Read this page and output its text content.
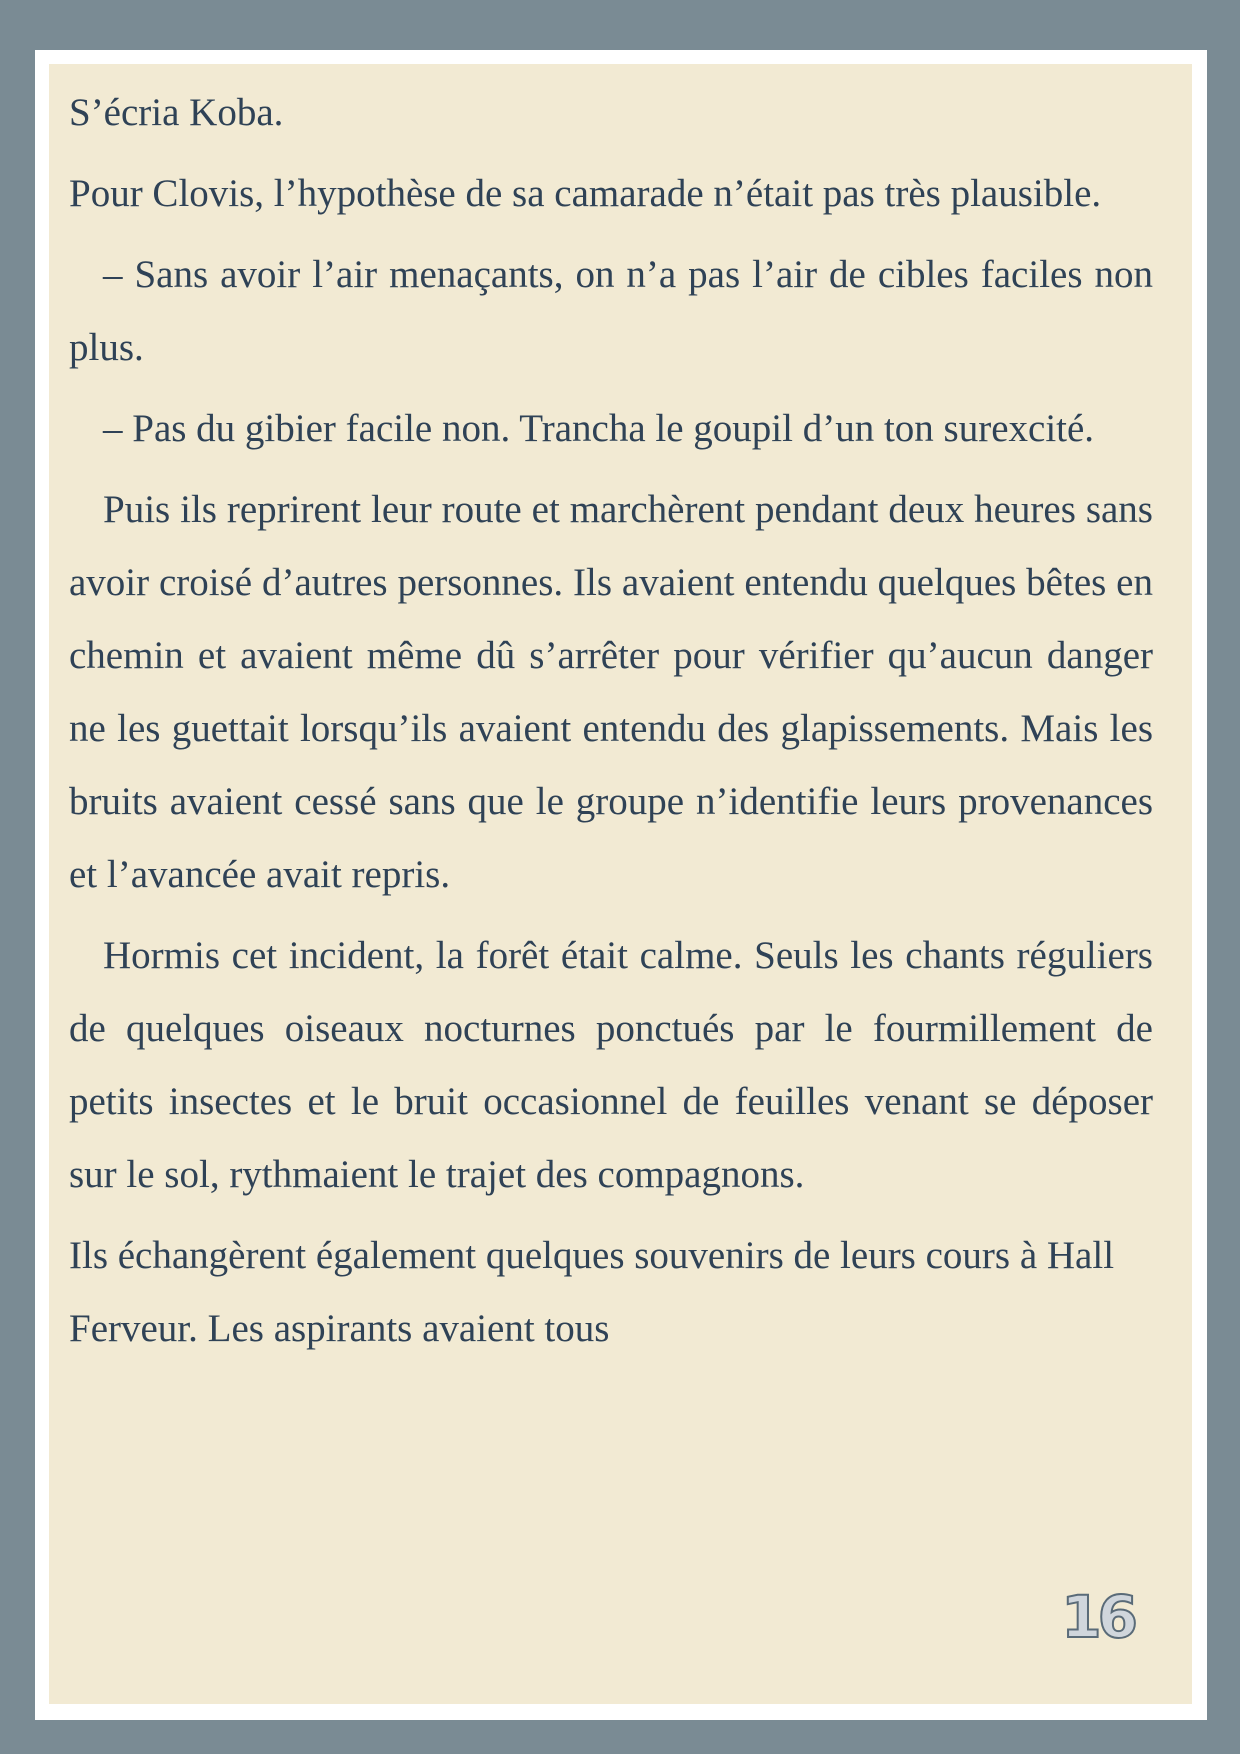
S’écria Koba.

Pour Clovis, l’hypothèse de sa camarade n’était pas très plausible.

– Sans avoir l’air menaçants, on n’a pas l’air de cibles faciles non plus.

– Pas du gibier facile non. Trancha le goupil d’un ton surexcité.

Puis ils reprirent leur route et marchèrent pendant deux heures sans avoir croisé d’autres personnes. Ils avaient entendu quelques bêtes en chemin et avaient même dû s’arrêter pour vérifier qu’aucun danger ne les guettait lorsqu’ils avaient entendu des glapissements. Mais les bruits avaient cessé sans que le groupe n’identifie leurs provenances et l’avancée avait repris.

Hormis cet incident, la forêt était calme. Seuls les chants réguliers de quelques oiseaux nocturnes ponctués par le fourmillement de petits insectes et le bruit occasionnel de feuilles venant se déposer sur le sol, rythmaient le trajet des compagnons.

Ils échangèrent également quelques souvenirs de leurs cours à Hall Ferveur. Les aspirants avaient tous

16
